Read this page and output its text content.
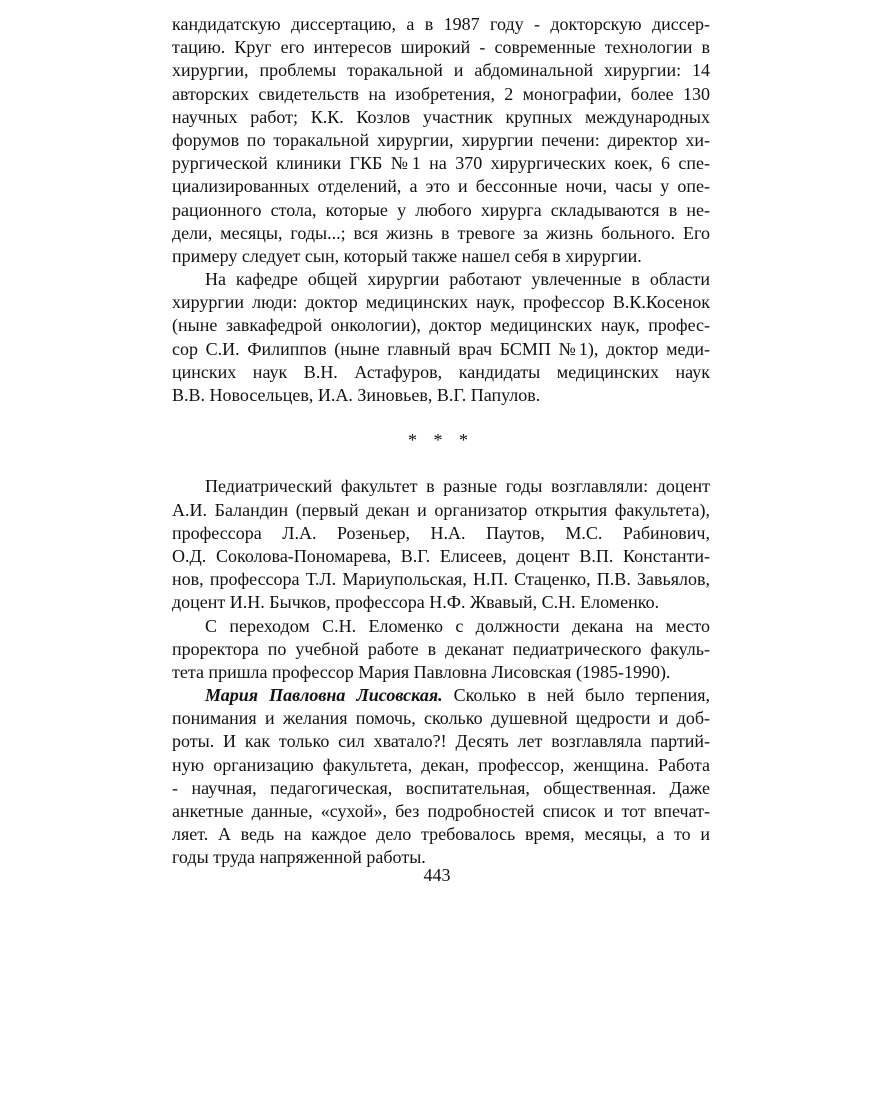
кандидатскую диссертацию, а в 1987 году - докторскую диссер-
тацию. Круг его интересов широкий - современные технологии в
хирургии, проблемы торакальной и абдоминальной хирургии: 14
авторских свидетельств на изобретения, 2 монографии, более 130
научных работ; К.К. Козлов участник крупных международных
форумов по торакальной хирургии, хирургии печени: директор хи-
рургической клиники ГКБ №1 на 370 хирургических коек, 6 спе-
циализированных отделений, а это и бессонные ночи, часы у опе-
рационного стола, которые у любого хирурга складываются в не-
дели, месяцы, годы...; вся жизнь в тревоге за жизнь больного. Его
примеру следует сын, который также нашел себя в хирургии.
На кафедре общей хирургии работают увлеченные в области
хирургии люди: доктор медицинских наук, профессор В.К.Косенок
(ныне завкафедрой онкологии), доктор медицинских наук, профес-
сор С.И. Филиппов (ныне главный врач БСМП №1), доктор меди-
цинских наук В.Н. Астафуров, кандидаты медицинских наук
В.В. Новосельцев, И.А. Зиновьев, В.Г. Папулов.
* * *
Педиатрический факультет в разные годы возглавляли: доцент
А.И. Баландин (первый декан и организатор открытия факультета),
профессора Л.А. Розеньер, Н.А. Паутов, М.С. Рабинович,
О.Д. Соколова-Пономарева, В.Г. Елисеев, доцент В.П. Константи-
нов, профессора Т.Л. Мариупольская, Н.П. Стаценко, П.В. Завьялов,
доцент И.Н. Бычков, профессора Н.Ф. Жвавый, С.Н. Еломенко.
С переходом С.Н. Еломенко с должности декана на место
проректора по учебной работе в деканат педиатрического факуль-
тета пришла профессор Мария Павловна Лисовская (1985-1990).
Мария Павловна Лисовская. Сколько в ней было терпения,
понимания и желания помочь, сколько душевной щедрости и доб-
роты. И как только сил хватало?! Десять лет возглавляла партий-
ную организацию факультета, декан, профессор, женщина. Работа
- научная, педагогическая, воспитательная, общественная. Даже
анкетные данные, «сухой», без подробностей список и тот впечат-
ляет. А ведь на каждое дело требовалось время, месяцы, а то и
годы труда напряженной работы.
443
